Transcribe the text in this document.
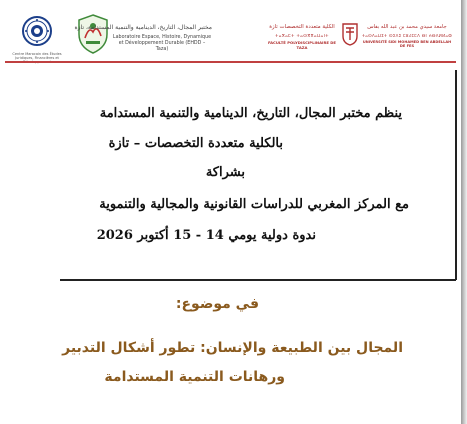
Centre Marocain des Études Juridiques, Financières et
مختبر المجال، التاريخ، الدينامية والتنمية المستدامة، تازة
Laboratoire Espace, Histoire, Dynamique et Développement Durable (EHDD – Taza)
الكلية متعددة التخصصات تازة
ⵜⴰⴳⴰⵎⵜ ⵜⴰⵙⴳⴳⴰⵡⴰⵏⵜ
FACULTÉ POLYDISCIPLINAIRE DE TAZA
جامعة سيدي محمد بن عبد الله بفاس
ⵜⴰⵙⴷⴰⵡⵉⵜ ⵙⵉⴷⵉ ⵎⵓⵃⵎⵎⴷ ⴱⵏ ⵄⴱⴷⵍⵍⴰⵀ
UNIVERSITÉ SIDI MOHAMED BEN ABDELLAH DE FES
ينظم مختبر المجال، التاريخ، الدينامية والتنمية المستدامة
بالكلية متعددة التخصصات – تازة
بشراكة
مع المركز المغربي للدراسات القانونية والمجالية والتنموية
ندوة دولية يومي 14 - 15 أكتوبر 2026
في موضوع:
المجال بين الطبيعة والإنسان: تطور أشكال التدبير
ورهانات التنمية المستدامة
